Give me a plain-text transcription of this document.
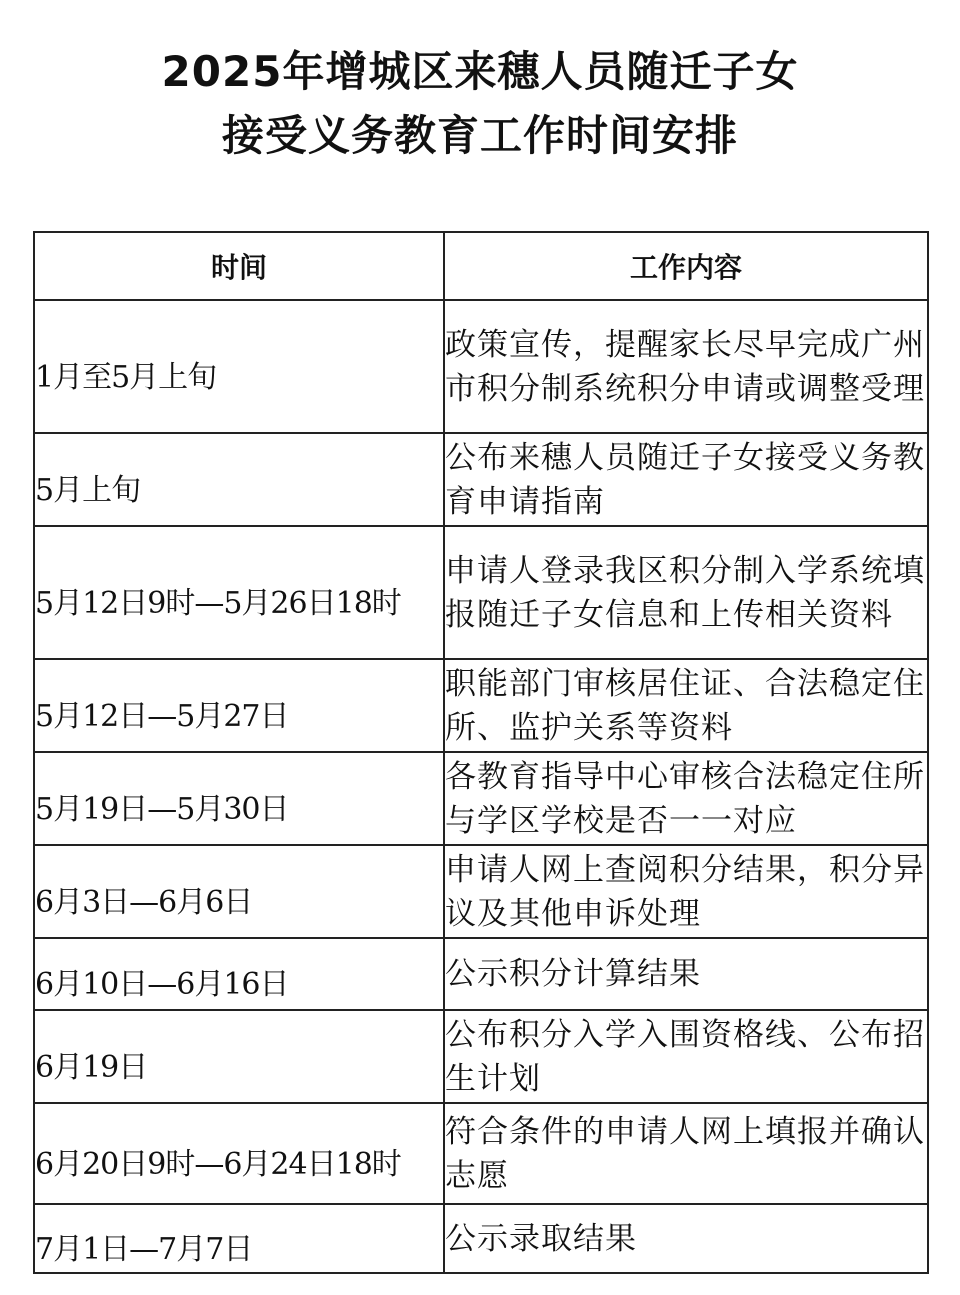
2025年增城区来穗人员随迁子女
接受义务教育工作时间安排
时间	工作内容

1月至5月上旬	政策宣传，提醒家长尽早完成广州市积分制系统积分申请或调整受理

5月上旬	公布来穗人员随迁子女接受义务教育申请指南

5月12日9时—5月26日18时	申请人登录我区积分制入学系统填报随迁子女信息和上传相关资料

5月12日—5月27日	职能部门审核居住证、合法稳定住所、监护关系等资料

5月19日—5月30日	各教育指导中心审核合法稳定住所与学区学校是否一一对应

6月3日—6月6日	申请人网上查阅积分结果，积分异议及其他申诉处理

6月10日—6月16日	公示积分计算结果

6月19日	公布积分入学入围资格线、公布招生计划

6月20日9时—6月24日18时	符合条件的申请人网上填报并确认志愿

7月1日—7月7日	公示录取结果
